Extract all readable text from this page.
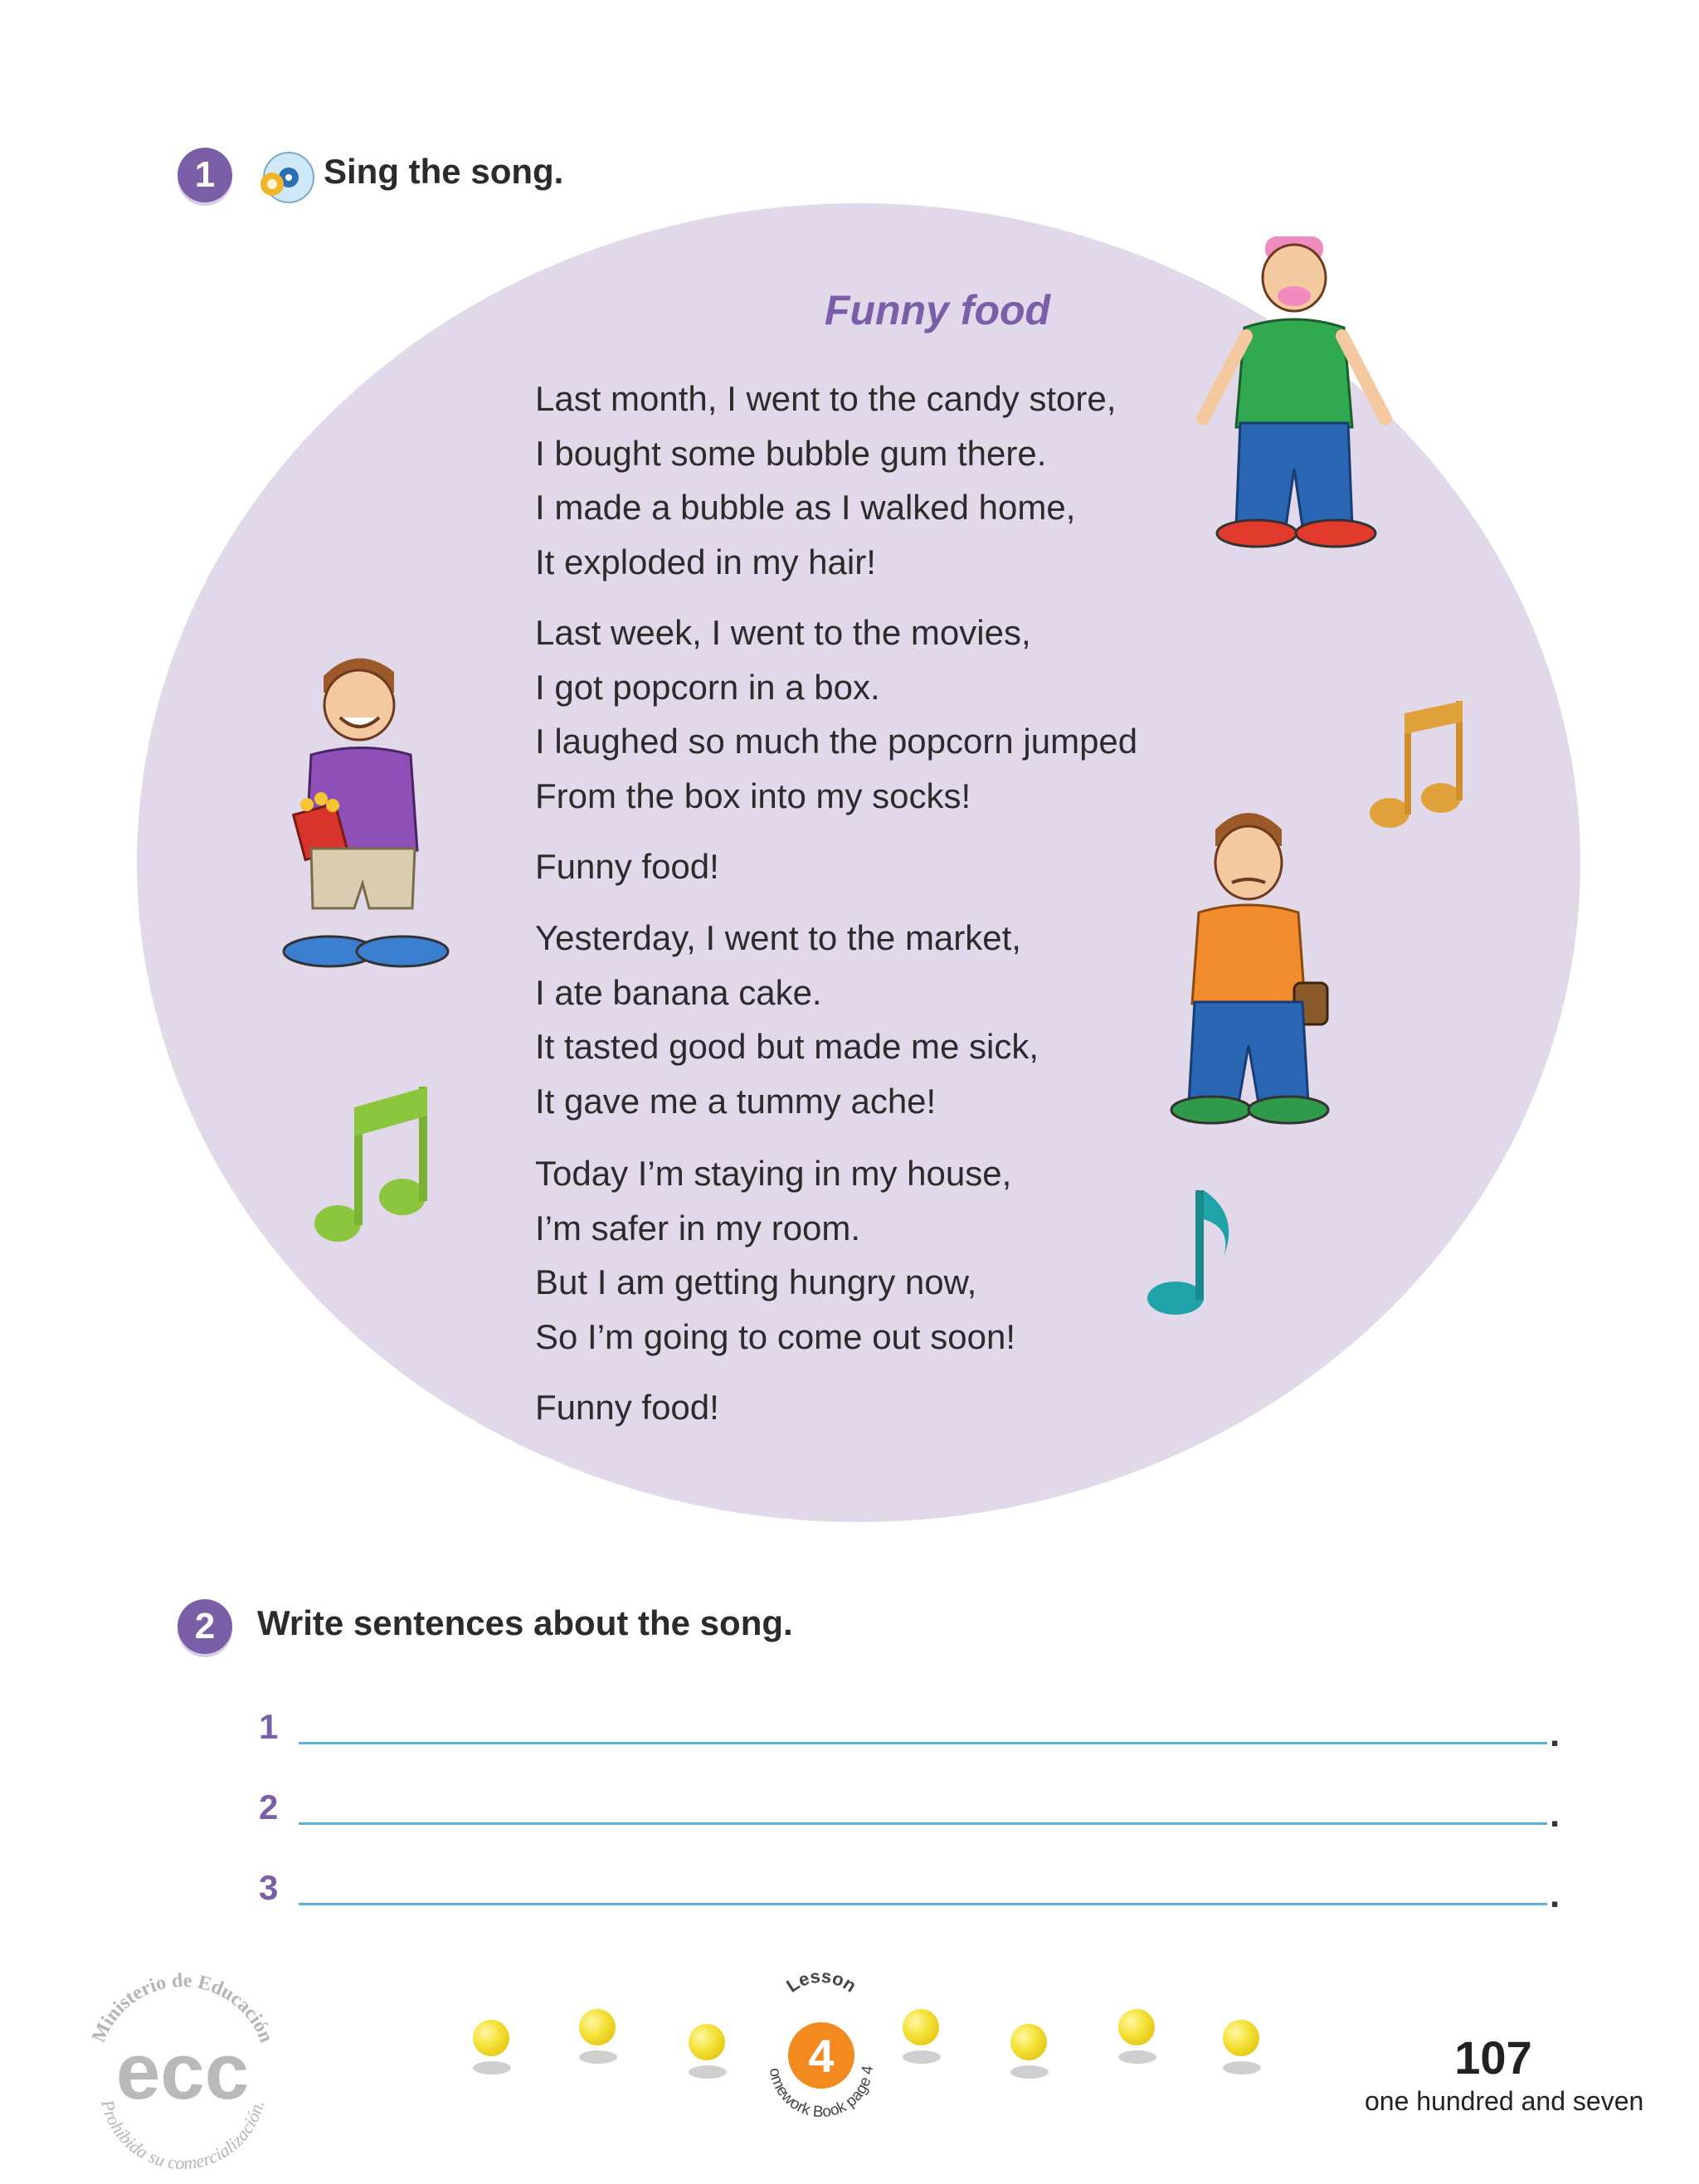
1	Sing the song.
Funny food
Last month, I went to the candy store,
I bought some bubble gum there.
I made a bubble as I walked home,
It exploded in my hair!
Last week, I went to the movies,
I got popcorn in a box.
I laughed so much the popcorn jumped
From the box into my socks!
Funny food!
Yesterday, I went to the market,
I ate banana cake.
It tasted good but made me sick,
It gave me a tummy ache!
Today I’m staying in my house,
I’m safer in my room.
But I am getting hungry now,
So I’m going to come out soon!
Funny food!
2	Write sentences about the song.
1	.
2	.
3	.
Ministerio de Educación
Prohibida su comercialización.
ecc
Lesson
4
omework Book page 4	107
one hundred and seven
